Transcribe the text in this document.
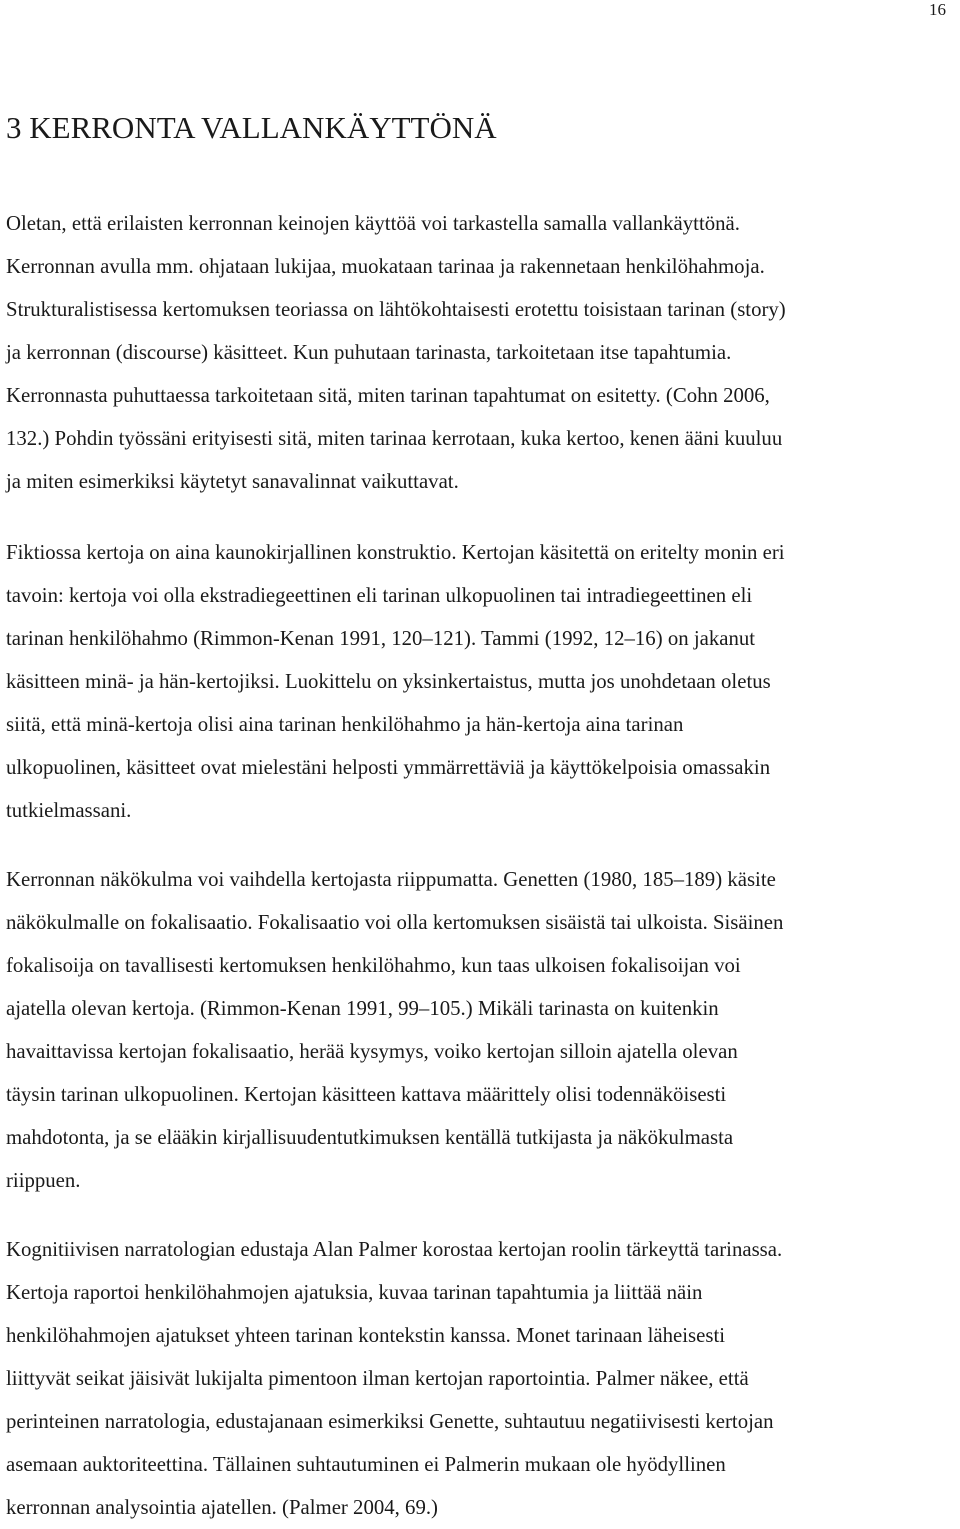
16
3 KERRONTA VALLANKÄYTTÖNÄ

Oletan, että erilaisten kerronnan keinojen käyttöä voi tarkastella samalla vallankäyttönä.
Kerronnan avulla mm. ohjataan lukijaa, muokataan tarinaa ja rakennetaan henkilöhahmoja.
Strukturalistisessa kertomuksen teoriassa on lähtökohtaisesti erotettu toisistaan tarinan (story)
ja kerronnan (discourse) käsitteet. Kun puhutaan tarinasta, tarkoitetaan itse tapahtumia.
Kerronnasta puhuttaessa tarkoitetaan sitä, miten tarinan tapahtumat on esitetty. (Cohn 2006,
132.) Pohdin työssäni erityisesti sitä, miten tarinaa kerrotaan, kuka kertoo, kenen ääni kuuluu
ja miten esimerkiksi käytetyt sanavalinnat vaikuttavat.

Fiktiossa kertoja on aina kaunokirjallinen konstruktio. Kertojan käsitettä on eritelty monin eri
tavoin: kertoja voi olla ekstradiegeettinen eli tarinan ulkopuolinen tai intradiegeettinen eli
tarinan henkilöhahmo (Rimmon-Kenan 1991, 120–121). Tammi (1992, 12–16) on jakanut
käsitteen minä- ja hän-kertojiksi. Luokittelu on yksinkertaistus, mutta jos unohdetaan oletus
siitä, että minä-kertoja olisi aina tarinan henkilöhahmo ja hän-kertoja aina tarinan
ulkopuolinen, käsitteet ovat mielestäni helposti ymmärrettäviä ja käyttökelpoisia omassakin
tutkielmassani.

Kerronnan näkökulma voi vaihdella kertojasta riippumatta. Genetten (1980, 185–189) käsite
näkökulmalle on fokalisaatio. Fokalisaatio voi olla kertomuksen sisäistä tai ulkoista. Sisäinen
fokalisoija on tavallisesti kertomuksen henkilöhahmo, kun taas ulkoisen fokalisoijan voi
ajatella olevan kertoja. (Rimmon-Kenan 1991, 99–105.) Mikäli tarinasta on kuitenkin
havaittavissa kertojan fokalisaatio, herää kysymys, voiko kertojan silloin ajatella olevan
täysin tarinan ulkopuolinen. Kertojan käsitteen kattava määrittely olisi todennäköisesti
mahdotonta, ja se elääkin kirjallisuudentutkimuksen kentällä tutkijasta ja näkökulmasta
riippuen.

Kognitiivisen narratologian edustaja Alan Palmer korostaa kertojan roolin tärkeyttä tarinassa.
Kertoja raportoi henkilöhahmojen ajatuksia, kuvaa tarinan tapahtumia ja liittää näin
henkilöhahmojen ajatukset yhteen tarinan kontekstin kanssa. Monet tarinaan läheisesti
liittyvät seikat jäisivät lukijalta pimentoon ilman kertojan raportointia. Palmer näkee, että
perinteinen narratologia, edustajanaan esimerkiksi Genette, suhtautuu negatiivisesti kertojan
asemaan auktoriteettina. Tällainen suhtautuminen ei Palmerin mukaan ole hyödyllinen
kerronnan analysointia ajatellen. (Palmer 2004, 69.)
